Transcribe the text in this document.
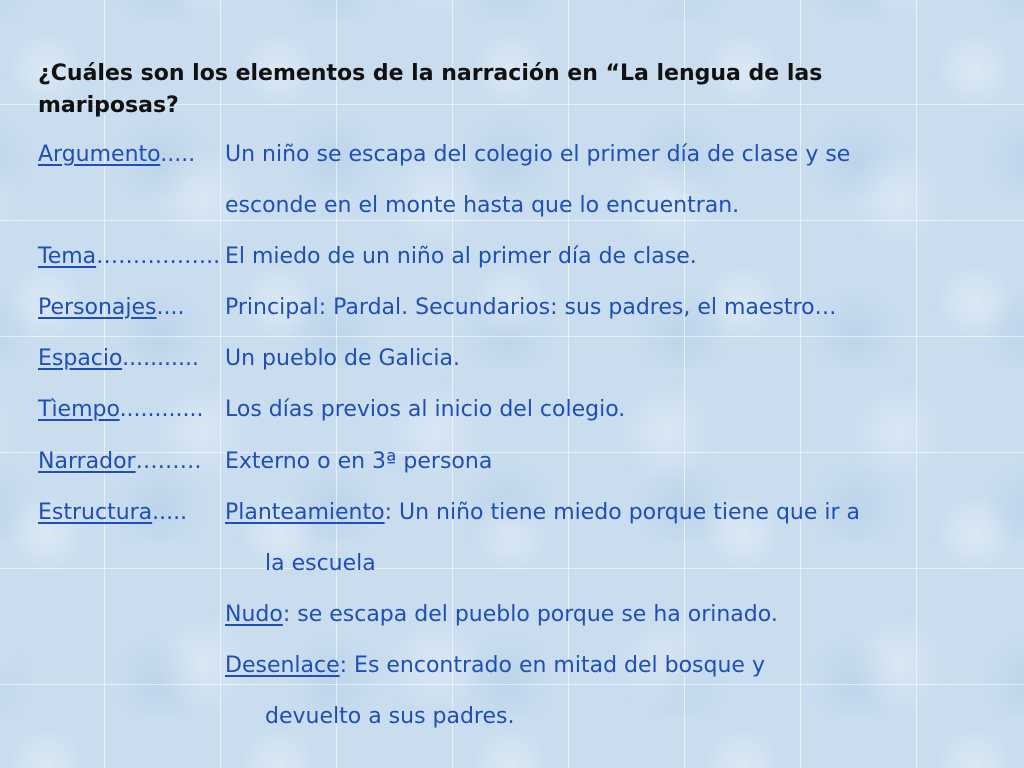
¿Cuáles son los elementos de la narración en “La lengua de las mariposas?
Argumento..... Un niño se escapa del colegio el primer día de clase y se
esconde en el monte hasta que lo encuentran.
Tema…………….. El miedo de un niño al primer día de clase.
Personajes.... Principal: Pardal. Secundarios: sus padres, el maestro…
Espacio........... Un pueblo de Galicia.
Tìempo............ Los días previos al inicio del colegio.
Narrador……… Externo o en 3ª persona
Estructura..... Planteamiento: Un niño tiene miedo porque tiene que ir a
la escuela
Nudo: se escapa del pueblo porque se ha orinado.
Desenlace: Es encontrado en mitad del bosque y
devuelto a sus padres.
